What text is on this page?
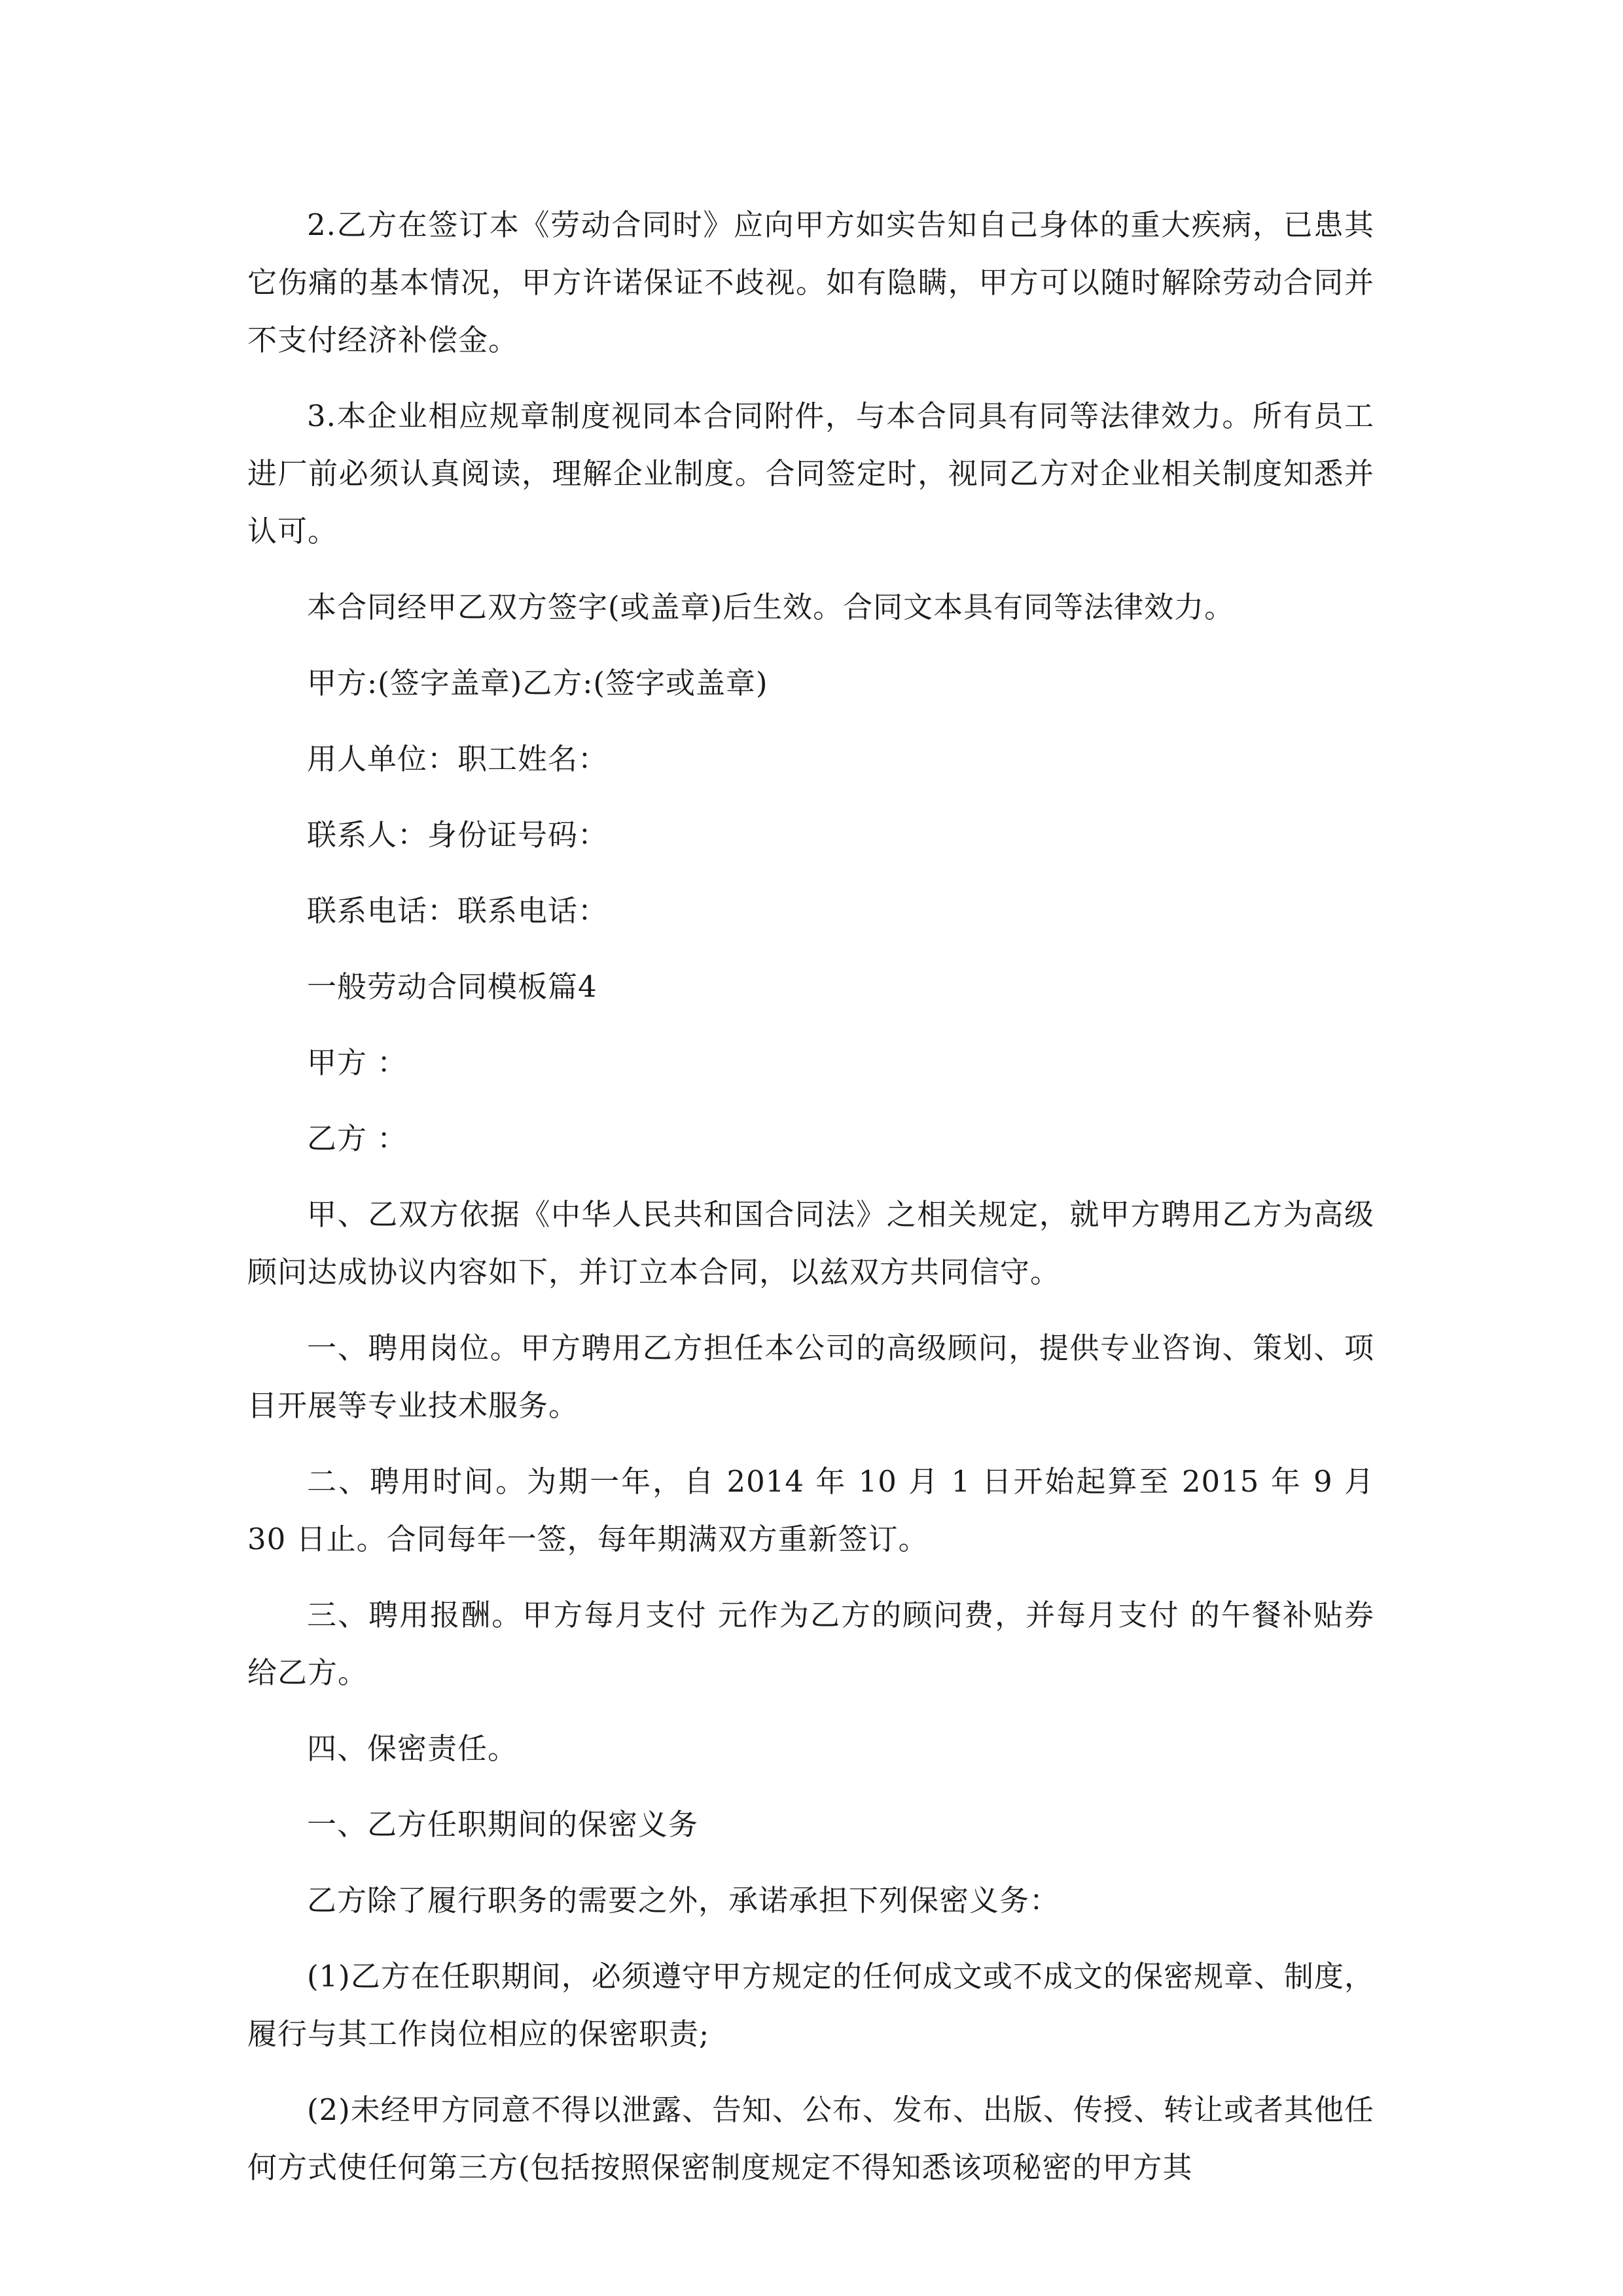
2.乙方在签订本《劳动合同时》应向甲方如实告知自己身体的重大疾病，已患其它伤痛的基本情况，甲方许诺保证不歧视。如有隐瞒，甲方可以随时解除劳动合同并不支付经济补偿金。

3.本企业相应规章制度视同本合同附件，与本合同具有同等法律效力。所有员工进厂前必须认真阅读，理解企业制度。合同签定时，视同乙方对企业相关制度知悉并认可。

本合同经甲乙双方签字(或盖章)后生效。合同文本具有同等法律效力。

甲方:(签字盖章)乙方:(签字或盖章)

用人单位：职工姓名：

联系人：身份证号码：

联系电话：联系电话：

一般劳动合同模板篇4

甲方 ：

乙方 ：

甲、乙双方依据《中华人民共和国合同法》之相关规定，就甲方聘用乙方为高级顾问达成协议内容如下，并订立本合同，以兹双方共同信守。

一、聘用岗位。甲方聘用乙方担任本公司的高级顾问，提供专业咨询、策划、项目开展等专业技术服务。

二、聘用时间。为期一年，自 2014 年 10 月 1 日开始起算至 2015 年 9 月 30 日止。合同每年一签，每年期满双方重新签订。

三、聘用报酬。甲方每月支付 元作为乙方的顾问费，并每月支付 的午餐补贴券给乙方。

四、保密责任。

一、乙方任职期间的保密义务

乙方除了履行职务的需要之外，承诺承担下列保密义务：

(1)乙方在任职期间，必须遵守甲方规定的任何成文或不成文的保密规章、制度，履行与其工作岗位相应的保密职责;

(2)未经甲方同意不得以泄露、告知、公布、发布、出版、传授、转让或者其他任何方式使任何第三方(包括按照保密制度规定不得知悉该项秘密的甲方其
